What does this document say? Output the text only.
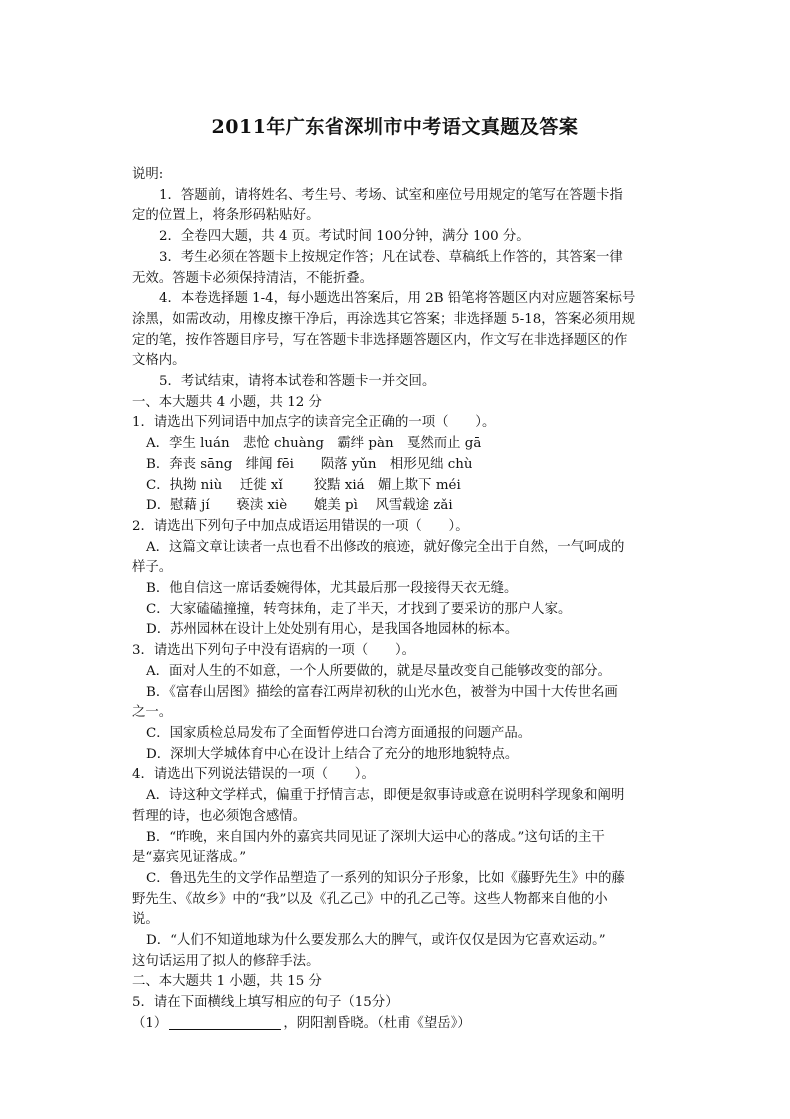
2011年广东省深圳市中考语文真题及答案

说明:

1．答题前，请将姓名、考生号、考场、试室和座位号用规定的笔写在答题卡指

定的位置上，将条形码粘贴好。

2．全卷四大题，共 4 页。考试时间 100分钟，满分 100 分。

3．考生必须在答题卡上按规定作答；凡在试卷、草稿纸上作答的，其答案一律

无效。答题卡必须保持清洁，不能折叠。

4．本卷选择题 1-4，每小题选出答案后，用 2B 铅笔将答题区内对应题答案标号

涂黑，如需改动，用橡皮擦干净后，再涂选其它答案；非选择题 5-18，答案必须用规

定的笔，按作答题目序号，写在答题卡非选择题答题区内，作文写在非选择题区的作

文格内。

5．考试结束，请将本试卷和答题卡一并交回。

一、本大题共 4 小题，共 12 分

1．请选出下列词语中加点字的读音完全正确的一项（　　）。

A．孪生 luán　悲怆 chuàng　霸绊 pàn　戛然而止 gā

B．奔丧 sāng　绯闻 fēi　　陨落 yǔn　相形见绌 chù

C．执拗 niù　 迁徙 xǐ　　 狡黠 xiá　媚上欺下 méi

D．慰藉 jí　　亵渎 xiè　　媲美 pì　 风雪载途 zǎi

2．请选出下列句子中加点成语运用错误的一项（　　）。

A．这篇文章让读者一点也看不出修改的痕迹，就好像完全出于自然，一气呵成的

样子。

B．他自信这一席话委婉得体，尤其最后那一段接得天衣无缝。

C．大家磕磕撞撞，转弯抹角，走了半天，才找到了要采访的那户人家。

D．苏州园林在设计上处处别有用心，是我国各地园林的标本。

3．请选出下列句子中没有语病的一项（　　）。

A．面对人生的不如意，一个人所要做的，就是尽量改变自己能够改变的部分。

B．《富春山居图》描绘的富春江两岸初秋的山光水色，被誉为中国十大传世名画

之一。

C．国家质检总局发布了全面暂停进口台湾方面通报的问题产品。

D．深圳大学城体育中心在设计上结合了充分的地形地貌特点。

4．请选出下列说法错误的一项（　　）。

A．诗这种文学样式，偏重于抒情言志，即便是叙事诗或意在说明科学现象和阐明

哲理的诗，也必须饱含感情。

B．“昨晚，来自国内外的嘉宾共同见证了深圳大运中心的落成。”这句话的主干

是“嘉宾见证落成。”

C．鲁迅先生的文学作品塑造了一系列的知识分子形象，比如《藤野先生》中的藤

野先生、《故乡》中的“我”以及《孔乙己》中的孔乙己等。这些人物都来自他的小

说。

D．“人们不知道地球为什么要发那么大的脾气，或许仅仅是因为它喜欢运动。”

这句话运用了拟人的修辞手法。

二、本大题共 1 小题，共 15 分

5．请在下面横线上填写相应的句子（15分）

（1）	，阴阳割昏晓。（杜甫《望岳》）
